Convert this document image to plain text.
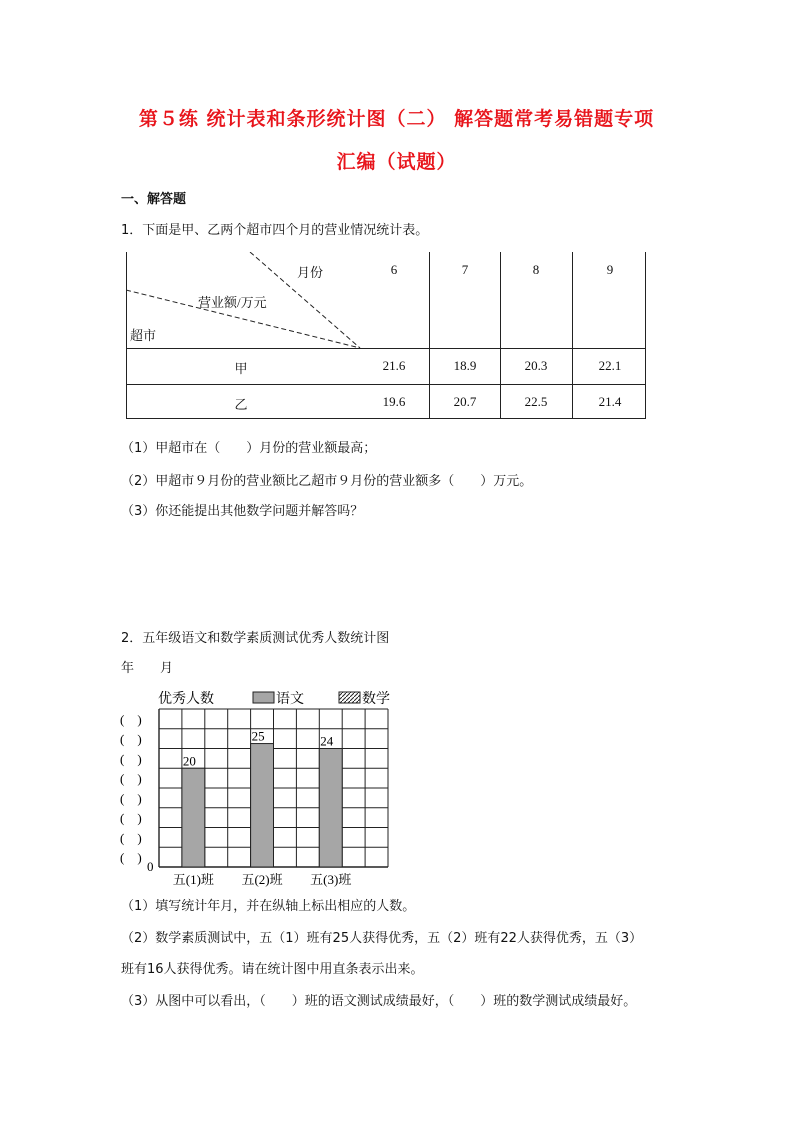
第５练 统计表和条形统计图（二） 解答题常考易错题专项
汇编（试题）
一、解答题
1．下面是甲、乙两个超市四个月的营业情况统计表。
月份
营业额/万元
超市
6	7	8	9
甲	21.6	18.9	20.3	22.1
乙	19.6	20.7	22.5	21.4
（1）甲超市在（　　）月份的营业额最高；
（2）甲超市９月份的营业额比乙超市９月份的营业额多（　　）万元。
（3）你还能提出其他数学问题并解答吗？
2．五年级语文和数学素质测试优秀人数统计图
年　　月
优秀人数	语文	数学
(　)
(　)
(　)
(　)
(　)
(　)
(　)
(　)
0
20
25	24
五(1)班 五(2)班 五(3)班
（1）填写统计年月，并在纵轴上标出相应的人数。
（2）数学素质测试中，五（1）班有25人获得优秀，五（2）班有22人获得优秀，五（3）
班有16人获得优秀。请在统计图中用直条表示出来。
（3）从图中可以看出，（　　）班的语文测试成绩最好，（　　）班的数学测试成绩最好。
